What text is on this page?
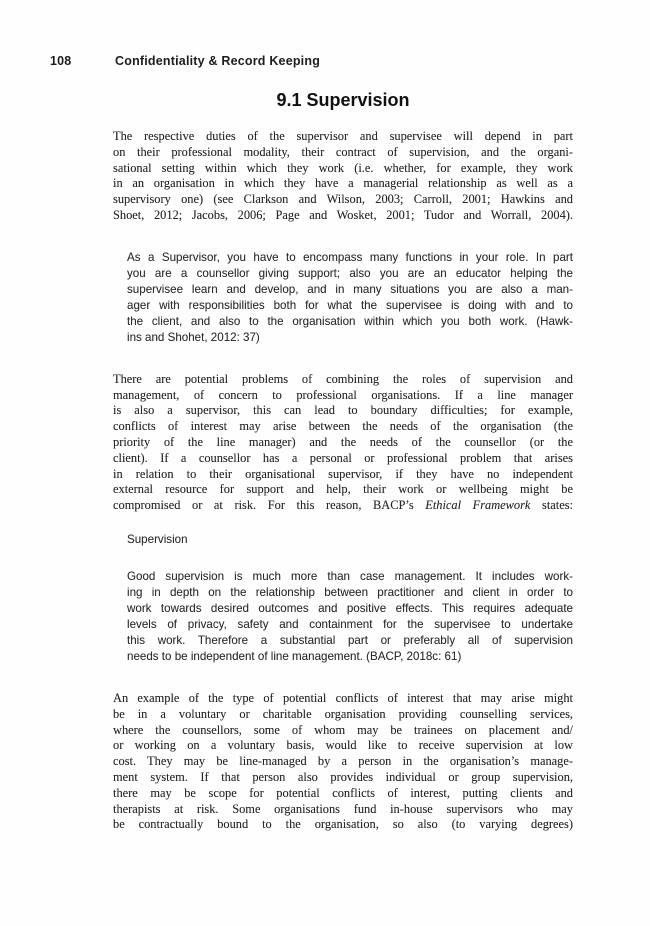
108	Confidentiality & Record Keeping
9.1 Supervision
The respective duties of the supervisor and supervisee will depend in part
on their professional modality, their contract of supervision, and the organi-
sational setting within which they work (i.e. whether, for example, they work
in an organisation in which they have a managerial relationship as well as a
supervisory one) (see Clarkson and Wilson, 2003; Carroll, 2001; Hawkins and
Shoet, 2012; Jacobs, 2006; Page and Wosket, 2001; Tudor and Worrall, 2004).
As a Supervisor, you have to encompass many functions in your role. In part
you are a counsellor giving support; also you are an educator helping the
supervisee learn and develop, and in many situations you are also a man-
ager with responsibilities both for what the supervisee is doing with and to
the client, and also to the organisation within which you both work. (Hawk-
ins and Shohet, 2012: 37)
There are potential problems of combining the roles of supervision and
management, of concern to professional organisations. If a line manager
is also a supervisor, this can lead to boundary difficulties; for example,
conflicts of interest may arise between the needs of the organisation (the
priority of the line manager) and the needs of the counsellor (or the
client). If a counsellor has a personal or professional problem that arises
in relation to their organisational supervisor, if they have no independent
external resource for support and help, their work or wellbeing might be
compromised or at risk. For this reason, BACP’s Ethical Framework states:
Supervision
Good supervision is much more than case management. It includes work-
ing in depth on the relationship between practitioner and client in order to
work towards desired outcomes and positive effects. This requires adequate
levels of privacy, safety and containment for the supervisee to undertake
this work. Therefore a substantial part or preferably all of supervision
needs to be independent of line management. (BACP, 2018c: 61)
An example of the type of potential conflicts of interest that may arise might
be in a voluntary or charitable organisation providing counselling services,
where the counsellors, some of whom may be trainees on placement and/
or working on a voluntary basis, would like to receive supervision at low
cost. They may be line-managed by a person in the organisation’s manage-
ment system. If that person also provides individual or group supervision,
there may be scope for potential conflicts of interest, putting clients and
therapists at risk. Some organisations fund in-house supervisors who may
be contractually bound to the organisation, so also (to varying degrees)
